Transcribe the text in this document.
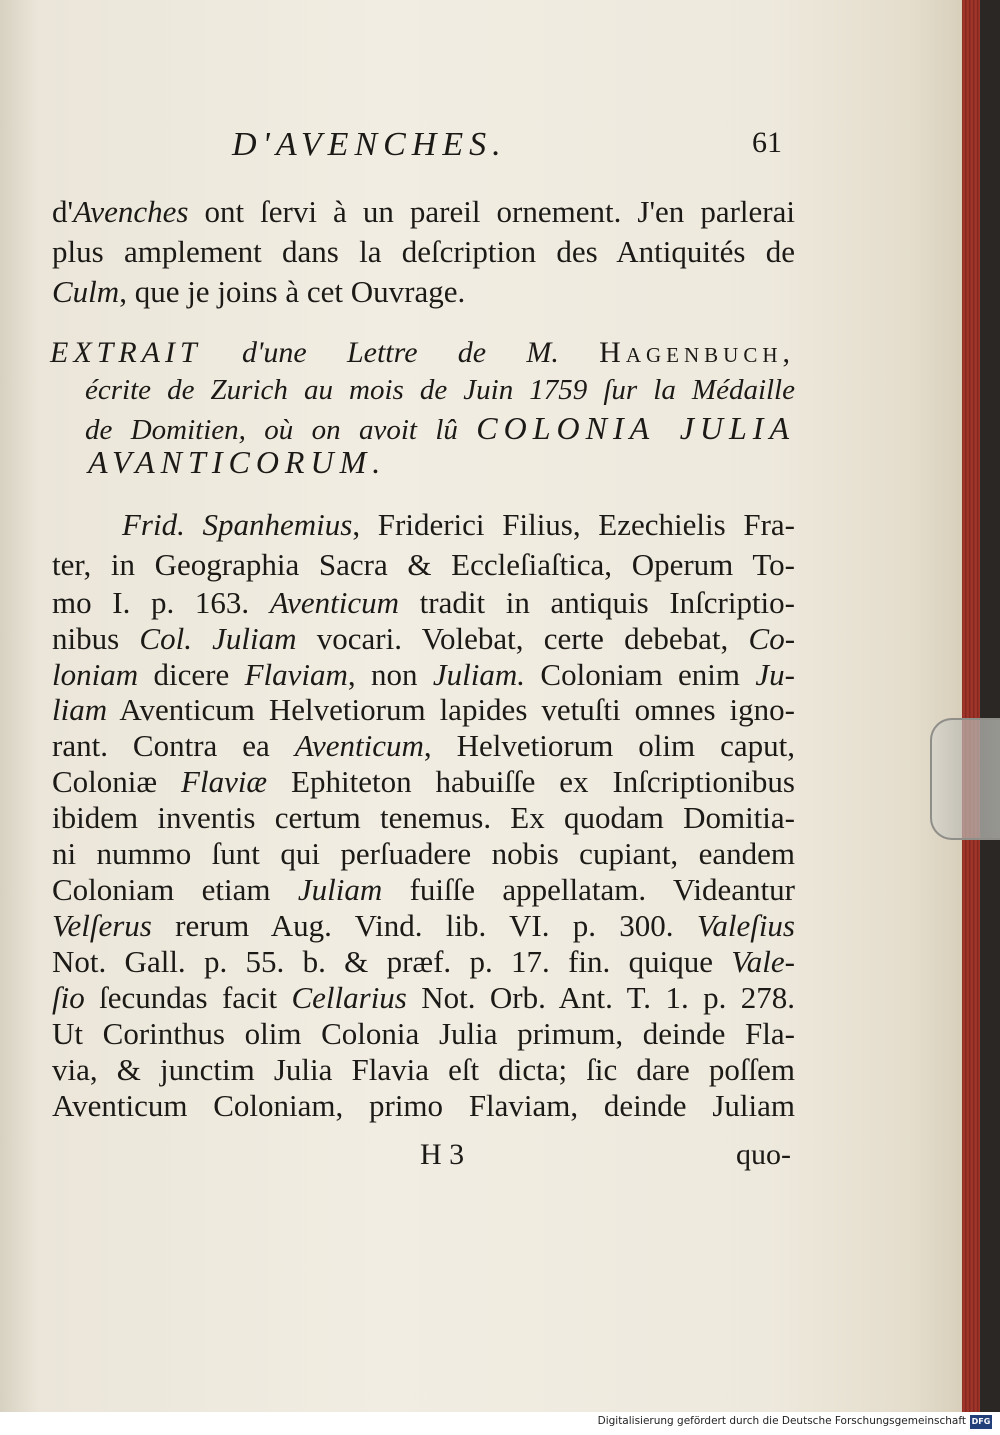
D'AVENCHES.	61
d'Avenches ont ſervi à un pareil ornement. J'en parlerai
plus amplement dans la deſcription des Antiquités de
Culm, que je joins à cet Ouvrage.
EXTRAIT d'une Lettre de M. Hagenbuch,
écrite de Zurich au mois de Juin 1759 ſur la Médaille
de Domitien, où on avoit lû COLONIA JULIA
AVANTICORUM.
Frid. Spanhemius, Friderici Filius, Ezechielis Fra-
ter, in Geographia Sacra & Eccleſiaſtica, Operum To-
mo I. p. 163. Aventicum tradit in antiquis Inſcriptio-
nibus Col. Juliam vocari. Volebat, certe debebat, Co-
loniam dicere Flaviam, non Juliam. Coloniam enim Ju-
liam Aventicum Helvetiorum lapides vetuſti omnes igno-
rant. Contra ea Aventicum, Helvetiorum olim caput,
Coloniæ Flaviæ Ephiteton habuiſſe ex Inſcriptionibus
ibidem inventis certum tenemus. Ex quodam Domitia-
ni nummo ſunt qui perſuadere nobis cupiant, eandem
Coloniam etiam Juliam fuiſſe appellatam. Videantur
Velſerus rerum Aug. Vind. lib. VI. p. 300. Valeſius
Not. Gall. p. 55. b. & præf. p. 17. fin. quique Vale-
ſio ſecundas facit Cellarius Not. Orb. Ant. T. 1. p. 278.
Ut Corinthus olim Colonia Julia primum, deinde Fla-
via, & junctim Julia Flavia eſt dicta; ſic dare poſſem
Aventicum Coloniam, primo Flaviam, deinde Juliam
H 3	quo-
Digitalisierung gefördert durch die Deutsche Forschungsgemeinschaft DFG
